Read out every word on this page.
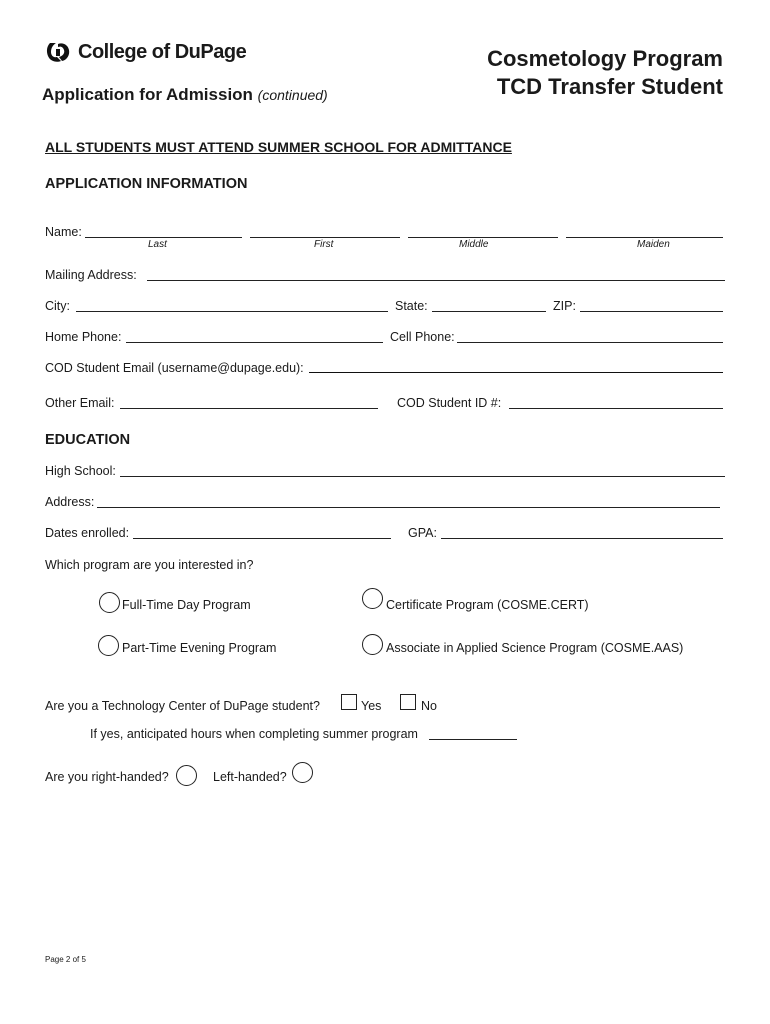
College of DuPage
Application for Admission (continued)
Cosmetology Program
TCD Transfer Student
ALL STUDENTS MUST ATTEND SUMMER SCHOOL FOR ADMITTANCE
APPLICATION INFORMATION
Name:
Last	First	Middle	Maiden
Mailing Address:
City:	State:	ZIP:
Home Phone:	Cell Phone:
COD Student Email (username@dupage.edu):
Other Email:	COD Student ID #:
EDUCATION
High School:
Address:
Dates enrolled:	GPA:
Which program are you interested in?
Full-Time Day Program	Certificate Program (COSME.CERT)
Part-Time Evening Program	Associate in Applied Science Program (COSME.AAS)
Are you a Technology Center of DuPage student?	Yes	No
If yes, anticipated hours when completing summer program
Are you right-handed?	Left-handed?
Page 2 of 5
